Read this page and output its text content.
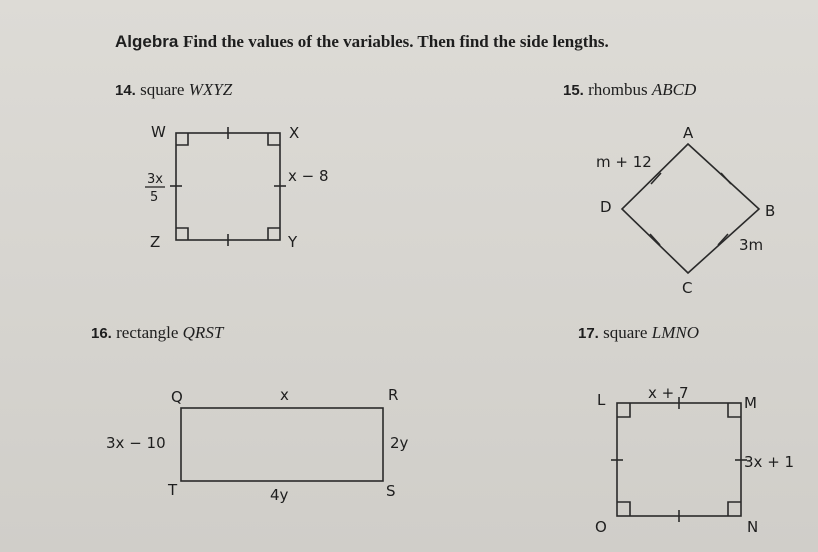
Algebra Find the values of the variables. Then find the side lengths.
14. square WXYZ	15. rhombus ABCD
16. rectangle QRST	17. square LMNO
W	X
Y
Z
3x
5
x − 8
A
B
C
D
m + 12
3m
Q	R
S
T
x
4y
3x − 10	2y
L	M
N
O
x + 7
3x + 1
